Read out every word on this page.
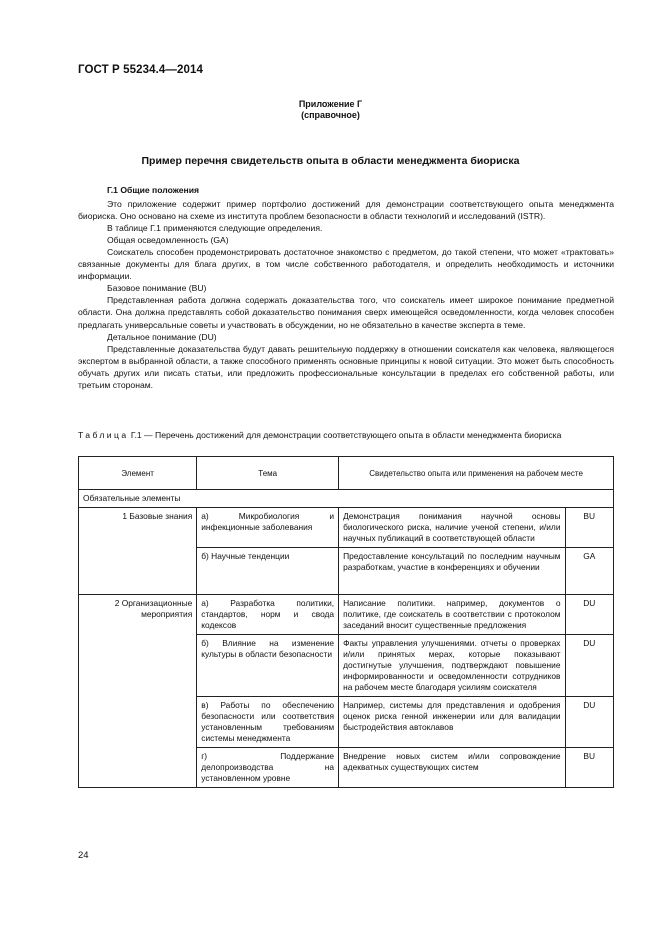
ГОСТ Р 55234.4—2014
Приложение Г
(справочное)
Пример перечня свидетельств опыта в области менеджмента биориска

Г.1 Общие положения

Это приложение содержит пример портфолио достижений для демонстрации соответствующего опыта менеджмента биориска. Оно основано на схеме из института проблем безопасности в области технологий и исследований (ISTR).

В таблице Г.1 применяются следующие определения.

Общая осведомленность (GA)

Соискатель способен продемонстрировать достаточное знакомство с предметом, до такой степени, что может «трактовать» связанные документы для блага других, в том числе собственного работодателя, и определить необходимость и источники информации.

Базовое понимание (BU)

Представленная работа должна содержать доказательства того, что соискатель имеет широкое понимание предметной области. Она должна представлять собой доказательство понимания сверх имеющейся осведомленности, когда человек способен предлагать универсальные советы и участвовать в обсуждении, но не обязательно в качестве эксперта в теме.

Детальное понимание (DU)

Представленные доказательства будут давать решительную поддержку в отношении соискателя как человека, являющегося экспертом в выбранной области, а также способного применять основные принципы к новой ситуации. Это может быть способность обучать других или писать статьи, или предложить профессиональные консультации в пределах его собственной работы, или третьим сторонам.

Таблица Г.1 — Перечень достижений для демонстрации соответствующего опыта в области менеджмента биориска
Элемент	Тема	Свидетельство опыта или применения на рабочем месте	
Обязательные элементы			
1 Базовые знания	а) Микробиология и инфекционные заболевания	Демонстрация понимания научной основы биологического риска, наличие ученой степени, и/или научных публикаций в соответствующей области	BU
	б) Научные тенденции	Предоставление консультаций по последним научным разработкам, участие в конференциях и обучении	GA
2 Организационные мероприятия	а) Разработка политики, стандартов, норм и свода кодексов	Написание политики. например, документов о политике, где соискатель в соответствии с протоколом заседаний вносит существенные предложения	DU
	б) Влияние на изменение культуры в области безопасности	Факты управления улучшениями. отчеты о проверках и/или принятых мерах, которые показывают достигнутые улучшения, подтверждают повышение информированности и осведомленности сотрудников на рабочем месте благодаря усилиям соискателя	DU
	в) Работы по обеспечению безопасности или соответствия установленным требованиям системы менеджмента	Например, системы для представления и одобрения оценок риска генной инженерии или для валидации быстродействия автоклавов	DU
	г) Поддержание делопроизводства на установленном уровне	Внедрение новых систем и/или сопровождение адекватных существующих систем	BU
24
